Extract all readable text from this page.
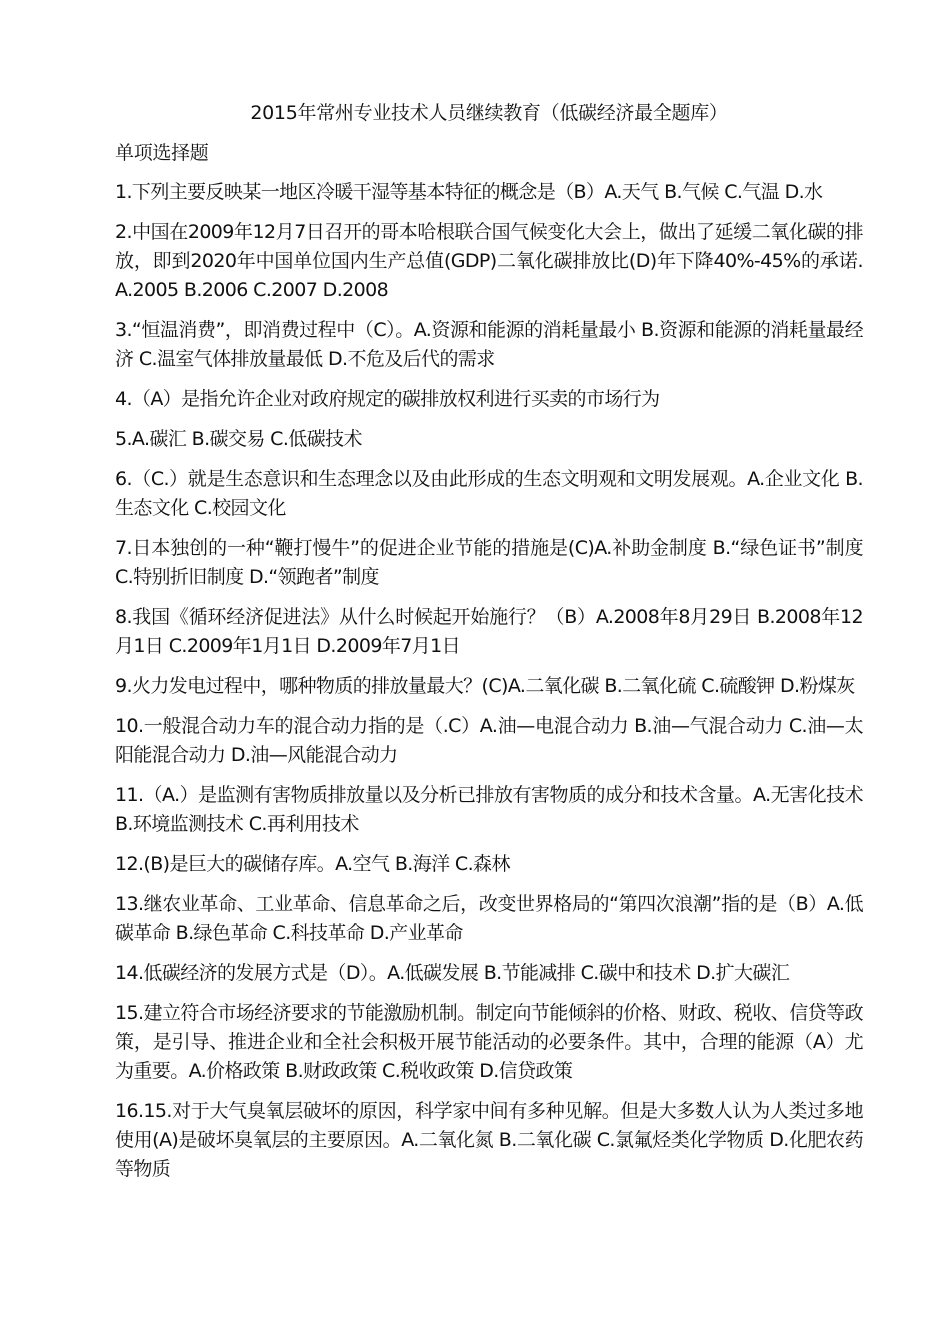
2015年常州专业技术人员继续教育（低碳经济最全题库）
单项选择题

1.下列主要反映某一地区冷暖干湿等基本特征的概念是（B）A.天气 B.气候 C.气温 D.水

2.中国在2009年12月7日召开的哥本哈根联合国气候变化大会上，做出了延缓二氧化碳的排放，即到2020年中国单位国内生产总值(GDP)二氧化碳排放比(D)年下降40%-45%的承诺.A.2005 B.2006 C.2007 D.2008

3.“恒温消费”，即消费过程中（C）。A.资源和能源的消耗量最小 B.资源和能源的消耗量最经济 C.温室气体排放量最低 D.不危及后代的需求

4.（A）是指允许企业对政府规定的碳排放权利进行买卖的市场行为

5.A.碳汇 B.碳交易 C.低碳技术

6.（C.）就是生态意识和生态理念以及由此形成的生态文明观和文明发展观。A.企业文化 B.生态文化 C.校园文化

7.日本独创的一种“鞭打慢牛”的促进企业节能的措施是(C)A.补助金制度 B.“绿色证书”制度 C.特别折旧制度 D.“领跑者”制度

8.我国《循环经济促进法》从什么时候起开始施行？（B）A.2008年8月29日 B.2008年12月1日 C.2009年1月1日 D.2009年7月1日

9.火力发电过程中，哪种物质的排放量最大？(C)A.二氧化碳 B.二氧化硫 C.硫酸钾 D.粉煤灰

10.一般混合动力车的混合动力指的是（.C）A.油—电混合动力 B.油—气混合动力 C.油—太阳能混合动力 D.油—风能混合动力

11.（A.）是监测有害物质排放量以及分析已排放有害物质的成分和技术含量。A.无害化技术 B.环境监测技术 C.再利用技术

12.(B)是巨大的碳储存库。A.空气 B.海洋 C.森林

13.继农业革命、工业革命、信息革命之后，改变世界格局的“第四次浪潮”指的是（B）A.低碳革命 B.绿色革命 C.科技革命 D.产业革命

14.低碳经济的发展方式是（D）。A.低碳发展 B.节能减排 C.碳中和技术 D.扩大碳汇

15.建立符合市场经济要求的节能激励机制。制定向节能倾斜的价格、财政、税收、信贷等政策，是引导、推进企业和全社会积极开展节能活动的必要条件。其中，合理的能源（A）尤为重要。A.价格政策 B.财政政策 C.税收政策 D.信贷政策

16.15.对于大气臭氧层破坏的原因，科学家中间有多种见解。但是大多数人认为人类过多地使用(A)是破坏臭氧层的主要原因。A.二氧化氮 B.二氧化碳 C.氯氟烃类化学物质 D.化肥农药等物质
